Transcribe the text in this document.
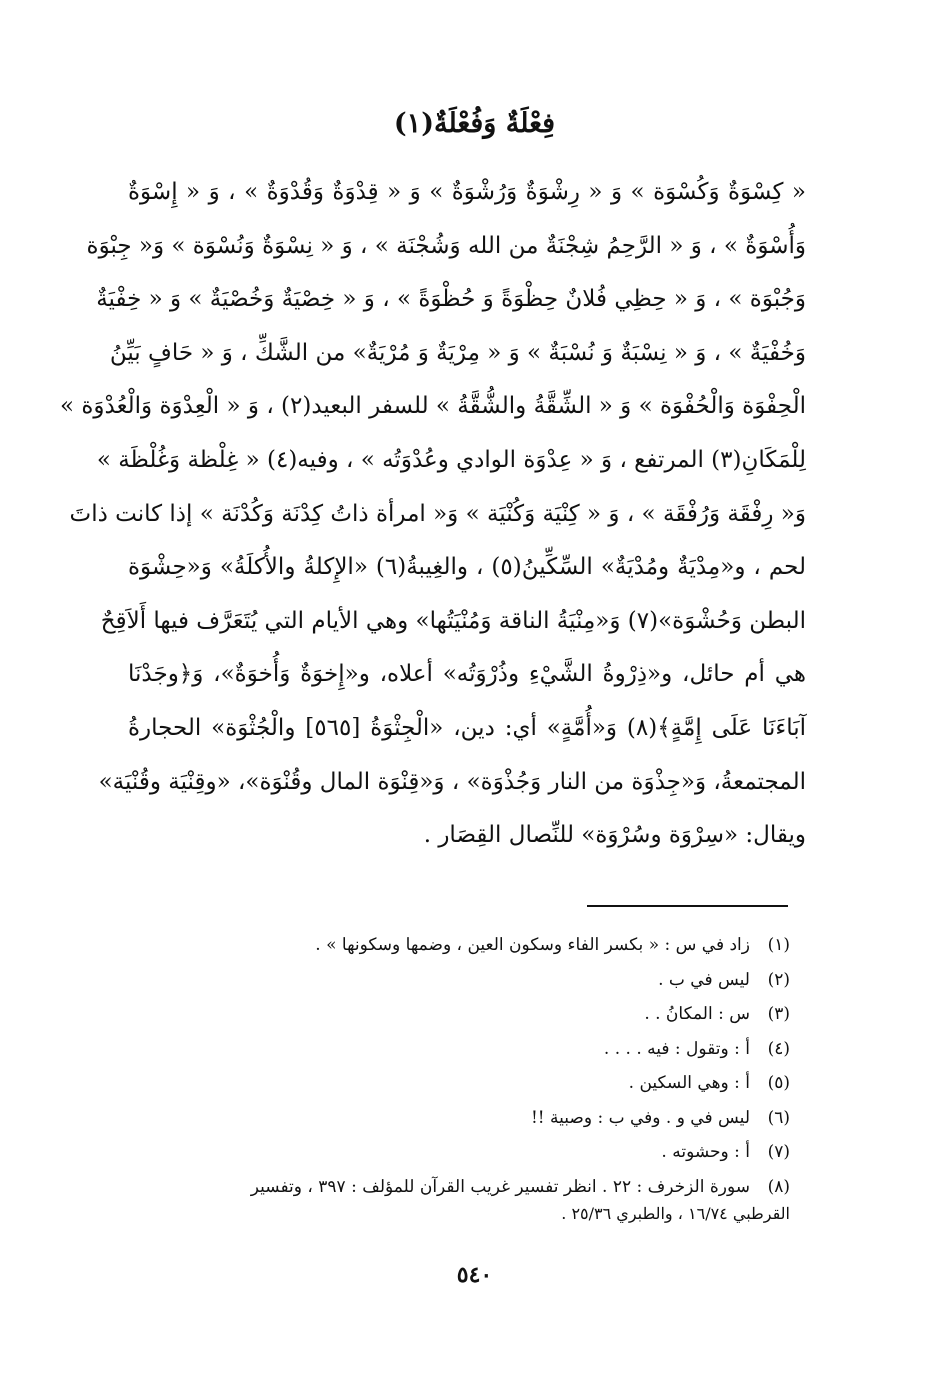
فِعْلَةٌ وَفُعْلَةٌ(١)
« كِسْوَةٌ وَكُسْوَة » وَ « رِشْوَةٌ وَرُشْوَةٌ » وَ « قِدْوَةٌ وَقُدْوَةٌ » ، وَ « إِسْوَةٌ
وَأُسْوَةٌ » ، وَ « الرَّحِمُ شِجْنَةٌ من الله وَشُجْنَة » ، وَ « نِسْوَةٌ وَنُسْوَة » وَ« جِبْوَة
وَجُبْوَة » ، وَ « حِظِي فُلانٌ حِظْوَةً وَ حُظْوَةً » ، وَ « خِصْيَةٌ وَخُصْيَةٌ » وَ « خِفْيَةٌ
وَخُفْيَةٌ » ، وَ « نِسْبَةٌ وَ نُسْبَةٌ » وَ « مِرْيَةٌ وَ مُرْيَةٌ» من الشَّكِّ ، وَ « حَافٍ بَيِّنُ
الْحِفْوَة وَالْحُفْوَة » وَ « الشِّقَّةُ والشُّقَّةُ » للسفر البعيد(٢) ، وَ « الْعِدْوَة وَالْعُدْوَة »
لِلْمَكَانِ(٣) المرتفع ، وَ « عِدْوَة الوادي وعُدْوَتُه » ، وفيه(٤) « غِلْظة وَغُلْظَة »
وَ« رِفْقَة وَرُفْقَة » ، وَ « كِنْيَة وَكُنْيَة » وَ« امرأة ذاتُ كِدْنَة وَكُدْنَة » إذا كانت ذاتَ
لحم ، و«مِدْيَةٌ ومُدْيَةٌ» السِّكِّينُ(٥) ، والغِيبةُ(٦) «الإِكلةُ والأُكلَةُ» وَ«حِشْوَة
البطن وَحُشْوَة»(٧) وَ«مِنْيَةُ الناقة وَمُنْيَتُها» وهي الأيام التي يُتَعَرَّف فيها أَلاَقِحٌ
هي أم حائل، و«ذِرْوةُ الشَّيْءِ وذُرْوَتُه» أعلاه، و«إِخوَةٌ وَأُخوَةٌ»، وَ﴿وجَدْنَا
آبَاءَنَا عَلَى إِمَّةٍ﴾(٨) وَ«أُمَّةٍ» أي: دين، «الْجِثْوَةُ [٥٦٥] والْجُثْوَة» الحجارةُ
المجتمعةُ، وَ«جِذْوَة من النار وَجُذْوَة» ، وَ«قِنْوَة المال وقُنْوَة»، «وقِنْيَة وقُنْيَة»
ويقال: «سِرْوَة وسُرْوَة» للنِّصال القِصَار .
(١)
زاد في س : « بكسر الفاء وسكون العين ، وضمها وسكونها » .
(٢)
ليس في ب .
(٣)
س : المكانُ . .
(٤)
أ : وتقول : فيه . . . .
(٥)
أ : وهي السكين .
(٦)
ليس في و . وفي ب : وصبية !!
(٧)
أ : وحشوته .
(٨)
سورة الزخرف : ٢٢ . انظر تفسير غريب القرآن للمؤلف : ٣٩٧ ، وتفسير
القرطبي ١٦/٧٤ ، والطبري ٢٥/٣٦ .
٥٤٠
